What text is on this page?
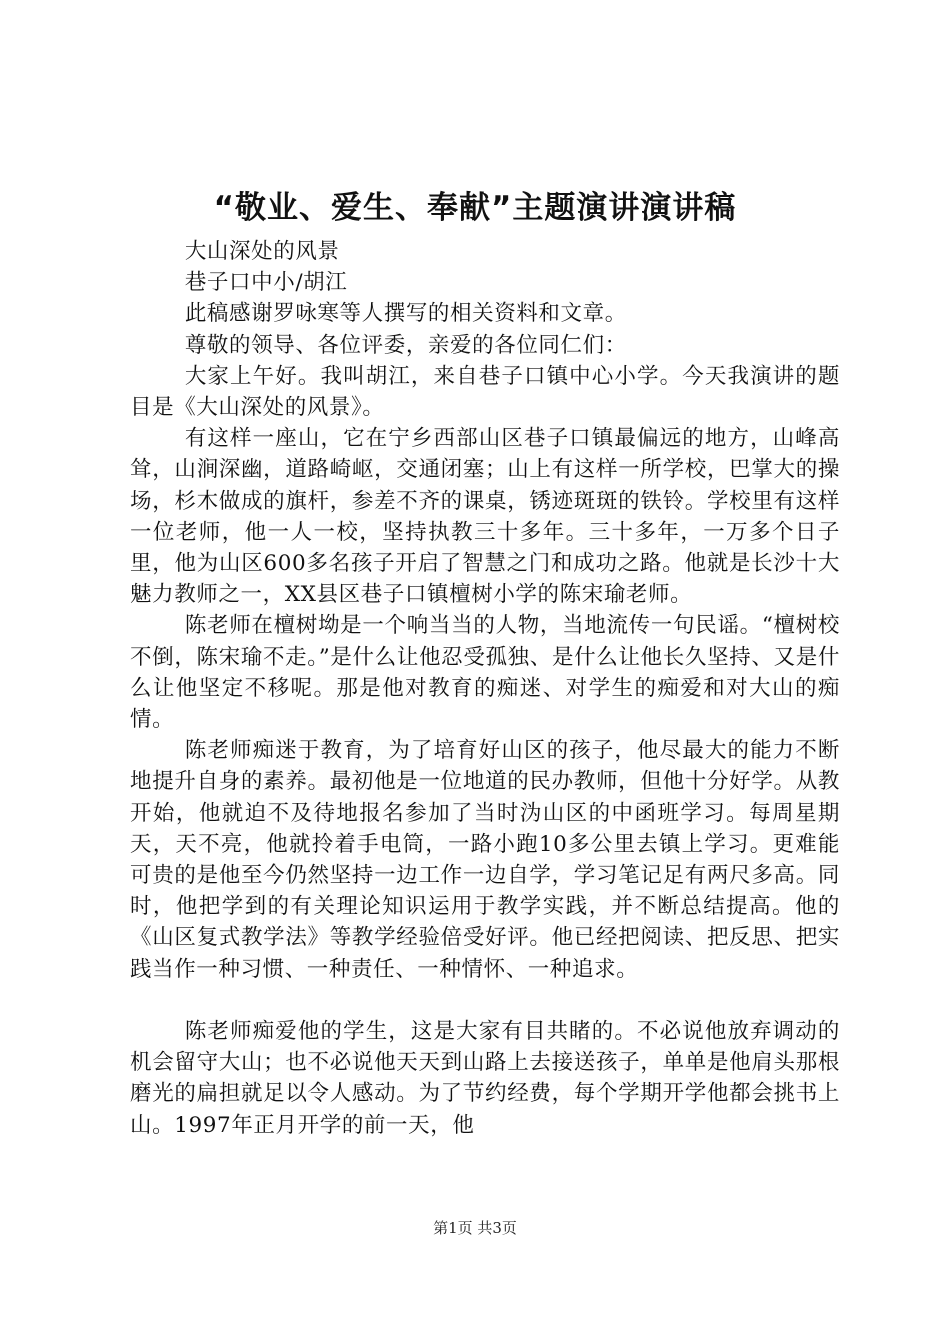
“敬业、爱生、奉献”主题演讲演讲稿

大山深处的风景

巷子口中小/胡江

此稿感谢罗咏寒等人撰写的相关资料和文章。

尊敬的领导、各位评委，亲爱的各位同仁们：

大家上午好。我叫胡江，来自巷子口镇中心小学。今天我演讲的题目是《大山深处的风景》。

有这样一座山，它在宁乡西部山区巷子口镇最偏远的地方，山峰高耸，山涧深幽，道路崎岖，交通闭塞；山上有这样一所学校，巴掌大的操场，杉木做成的旗杆，参差不齐的课桌，锈迹斑斑的铁铃。学校里有这样一位老师，他一人一校，坚持执教三十多年。三十多年，一万多个日子里，他为山区600多名孩子开启了智慧之门和成功之路。他就是长沙十大魅力教师之一，XX县区巷子口镇檀树小学的陈宋瑜老师。

陈老师在檀树坳是一个响当当的人物，当地流传一句民谣。“檀树校不倒，陈宋瑜不走。”是什么让他忍受孤独、是什么让他长久坚持、又是什么让他坚定不移呢。那是他对教育的痴迷、对学生的痴爱和对大山的痴情。

陈老师痴迷于教育，为了培育好山区的孩子，他尽最大的能力不断地提升自身的素养。最初他是一位地道的民办教师，但他十分好学。从教开始，他就迫不及待地报名参加了当时沩山区的中函班学习。每周星期天，天不亮，他就拎着手电筒，一路小跑10多公里去镇上学习。更难能可贵的是他至今仍然坚持一边工作一边自学，学习笔记足有两尺多高。同时，他把学到的有关理论知识运用于教学实践，并不断总结提高。他的《山区复式教学法》等教学经验倍受好评。他已经把阅读、把反思、把实践当作一种习惯、一种责任、一种情怀、一种追求。

陈老师痴爱他的学生，这是大家有目共睹的。不必说他放弃调动的机会留守大山；也不必说他天天到山路上去接送孩子，单单是他肩头那根磨光的扁担就足以令人感动。为了节约经费，每个学期开学他都会挑书上山。1997年正月开学的前一天，他

第1页 共3页
